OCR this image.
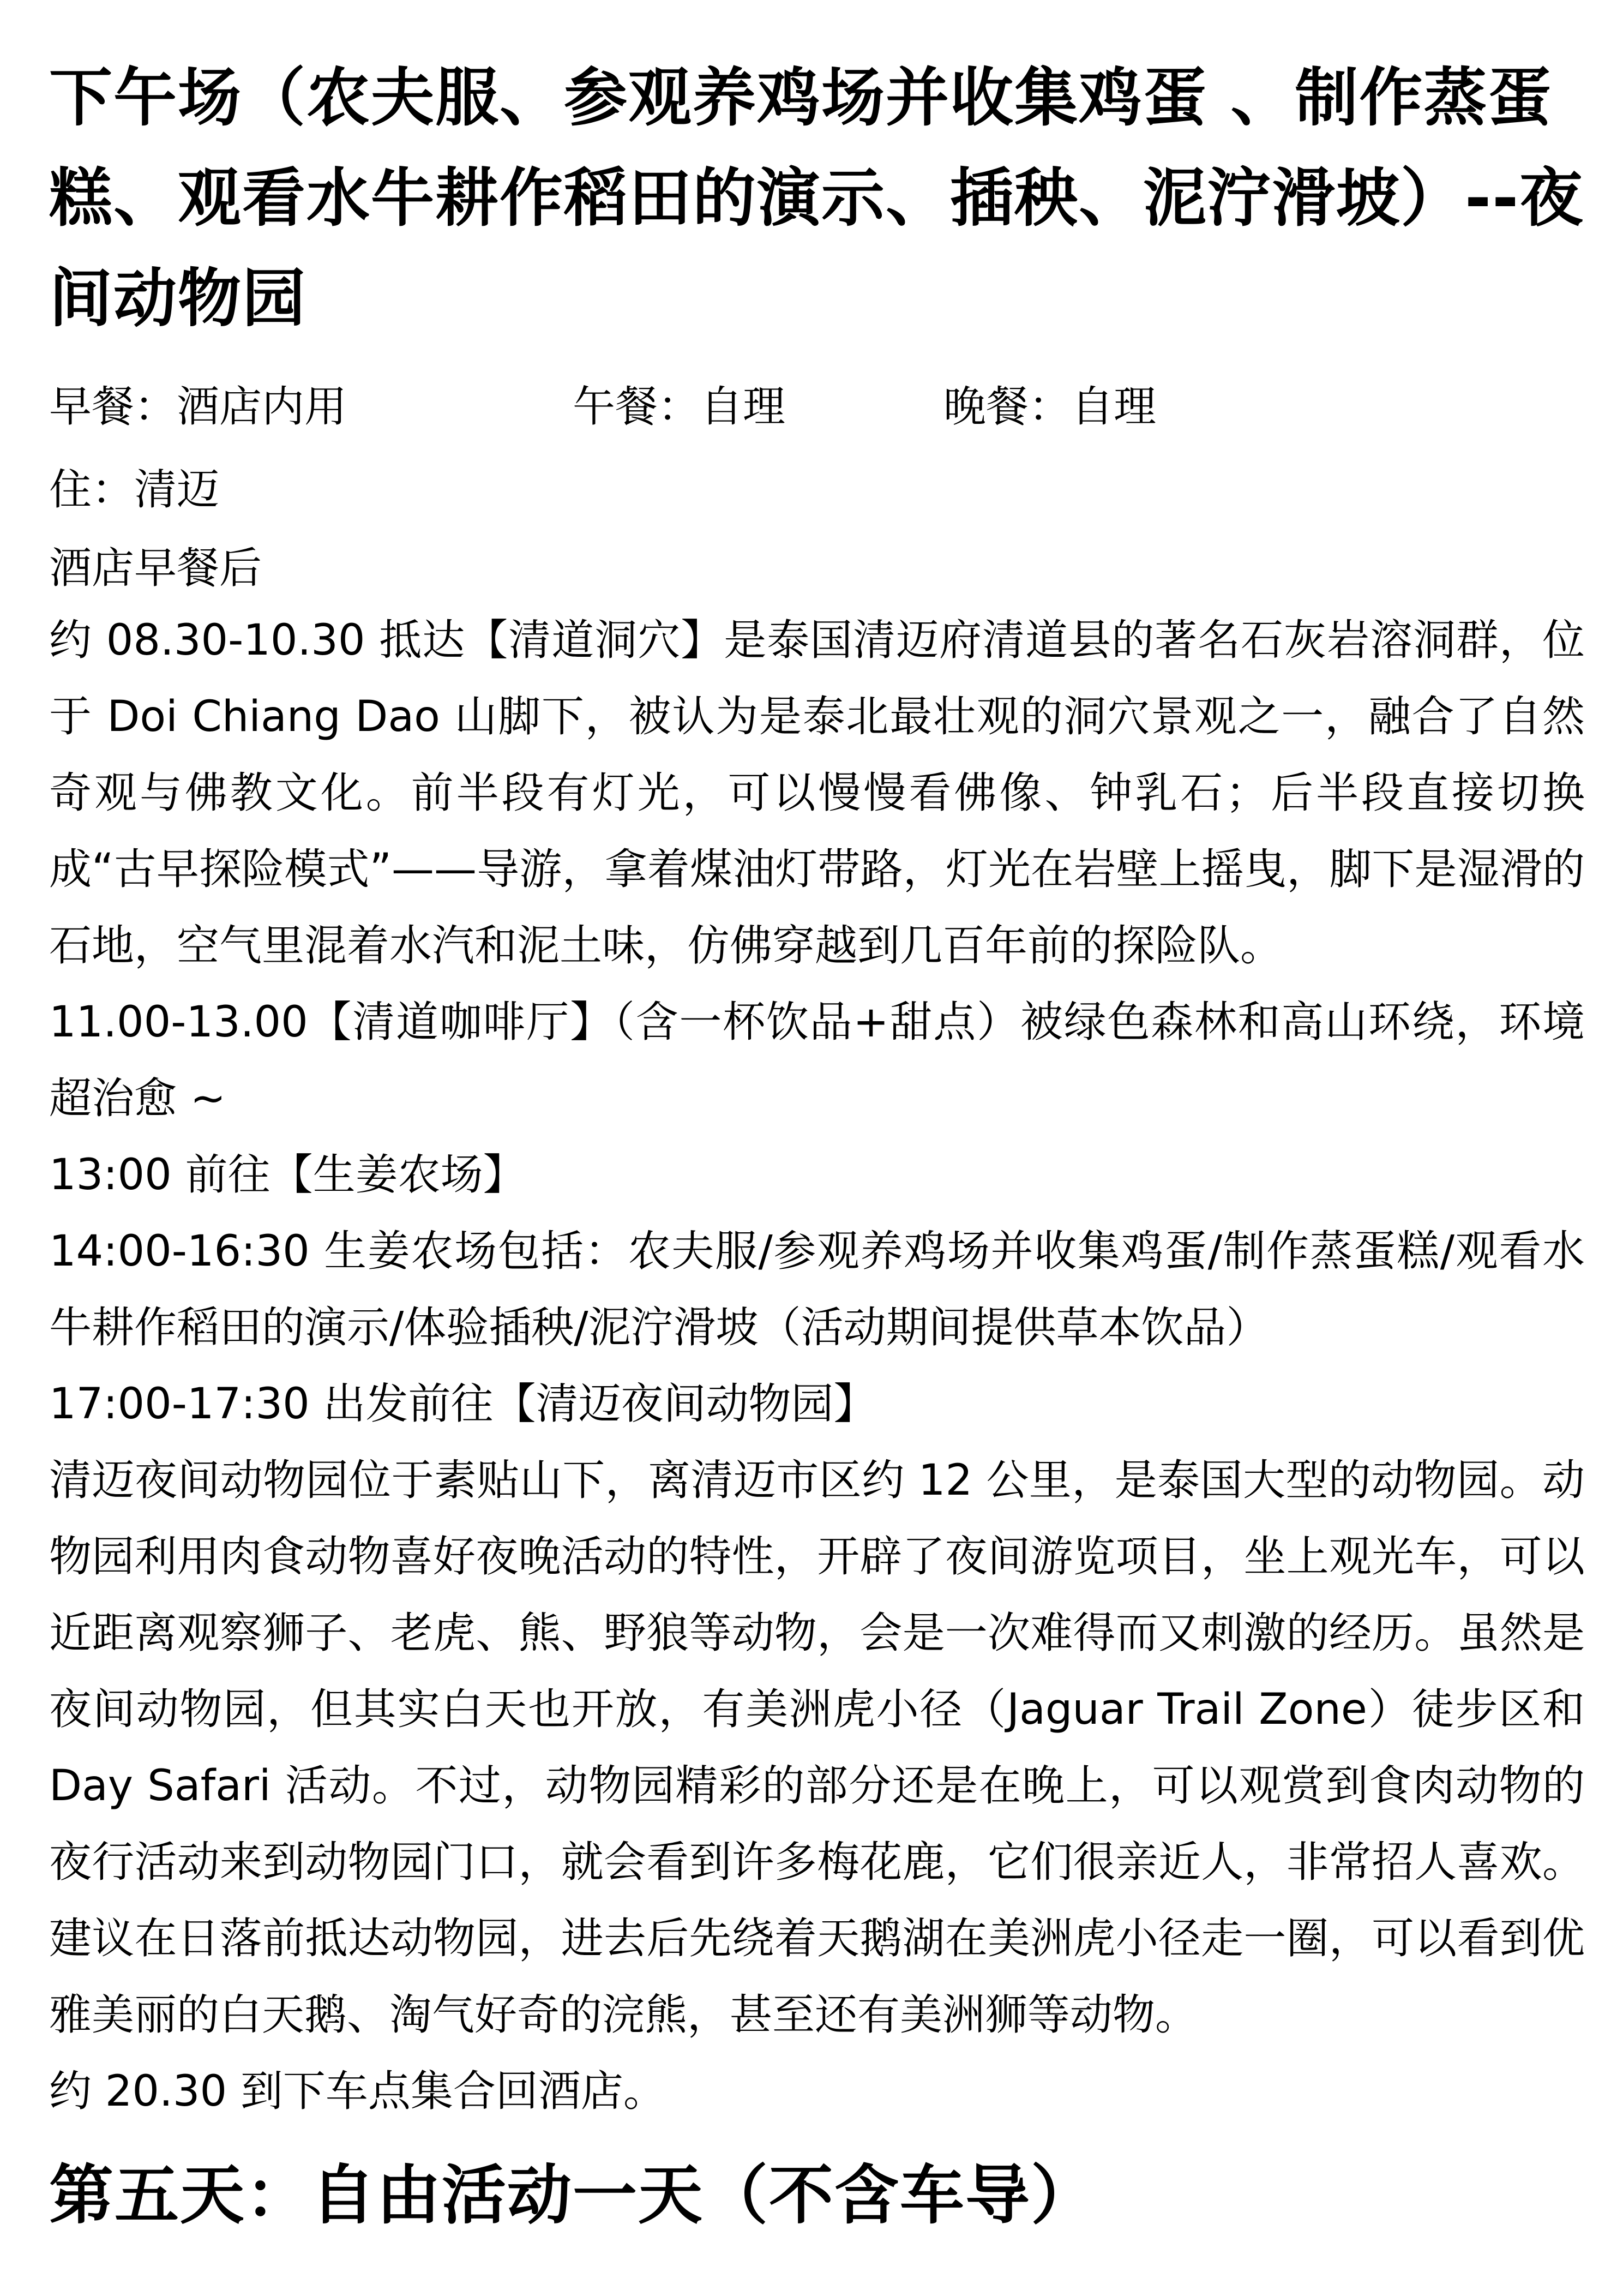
下午场（农夫服、参观养鸡场并收集鸡蛋 、制作蒸蛋糕、观看水牛耕作稻田的演示、插秧、泥泞滑坡）--夜间动物园
早餐：酒店内用	午餐：自理	晚餐：自理

住：清迈

酒店早餐后

约 08.30-10.30 抵达【清道洞穴】是泰国清迈府清道县的著名石灰岩溶洞群，位于 Doi Chiang Dao 山脚下，被认为是泰北最壮观的洞穴景观之一，融合了自然奇观与佛教文化。前半段有灯光，可以慢慢看佛像、钟乳石；后半段直接切换成“古早探险模式”——导游，拿着煤油灯带路，灯光在岩壁上摇曳，脚下是湿滑的石地，空气里混着水汽和泥土味，仿佛穿越到几百年前的探险队。

11.00-13.00【清道咖啡厅】（含一杯饮品+甜点）被绿色森林和高山环绕，环境超治愈 ~

13:00 前往【生姜农场】

14:00-16:30 生姜农场包括：农夫服/参观养鸡场并收集鸡蛋/制作蒸蛋糕/观看水牛耕作稻田的演示/体验插秧/泥泞滑坡（活动期间提供草本饮品）

17:00-17:30 出发前往【清迈夜间动物园】

清迈夜间动物园位于素贴山下，离清迈市区约 12 公里，是泰国大型的动物园。动物园利用肉食动物喜好夜晚活动的特性，开辟了夜间游览项目，坐上观光车，可以近距离观察狮子、老虎、熊、野狼等动物，会是一次难得而又刺激的经历。虽然是夜间动物园，但其实白天也开放，有美洲虎小径（Jaguar Trail Zone）徒步区和 Day Safari 活动。不过，动物园精彩的部分还是在晚上，可以观赏到食肉动物的夜行活动来到动物园门口，就会看到许多梅花鹿，它们很亲近人，非常招人喜欢。建议在日落前抵达动物园，进去后先绕着天鹅湖在美洲虎小径走一圈，可以看到优雅美丽的白天鹅、淘气好奇的浣熊，甚至还有美洲狮等动物。

约 20.30 到下车点集合回酒店。

第五天：自由活动一天（不含车导）
